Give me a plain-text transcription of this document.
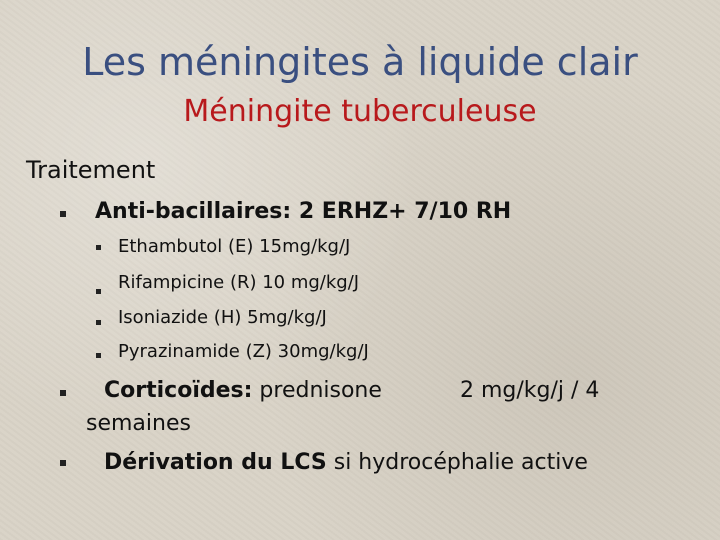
Les méningites à liquide clair
Méningite tuberculeuse
Traitement
Anti-bacillaires: 2 ERHZ+ 7/10 RH
Ethambutol (E) 15mg/kg/J
Rifampicine (R) 10 mg/kg/J
Isoniazide (H) 5mg/kg/J
Pyrazinamide (Z) 30mg/kg/J
Corticoïdes: prednisone	2 mg/kg/j / 4
semaines
Dérivation du LCS si hydrocéphalie active
